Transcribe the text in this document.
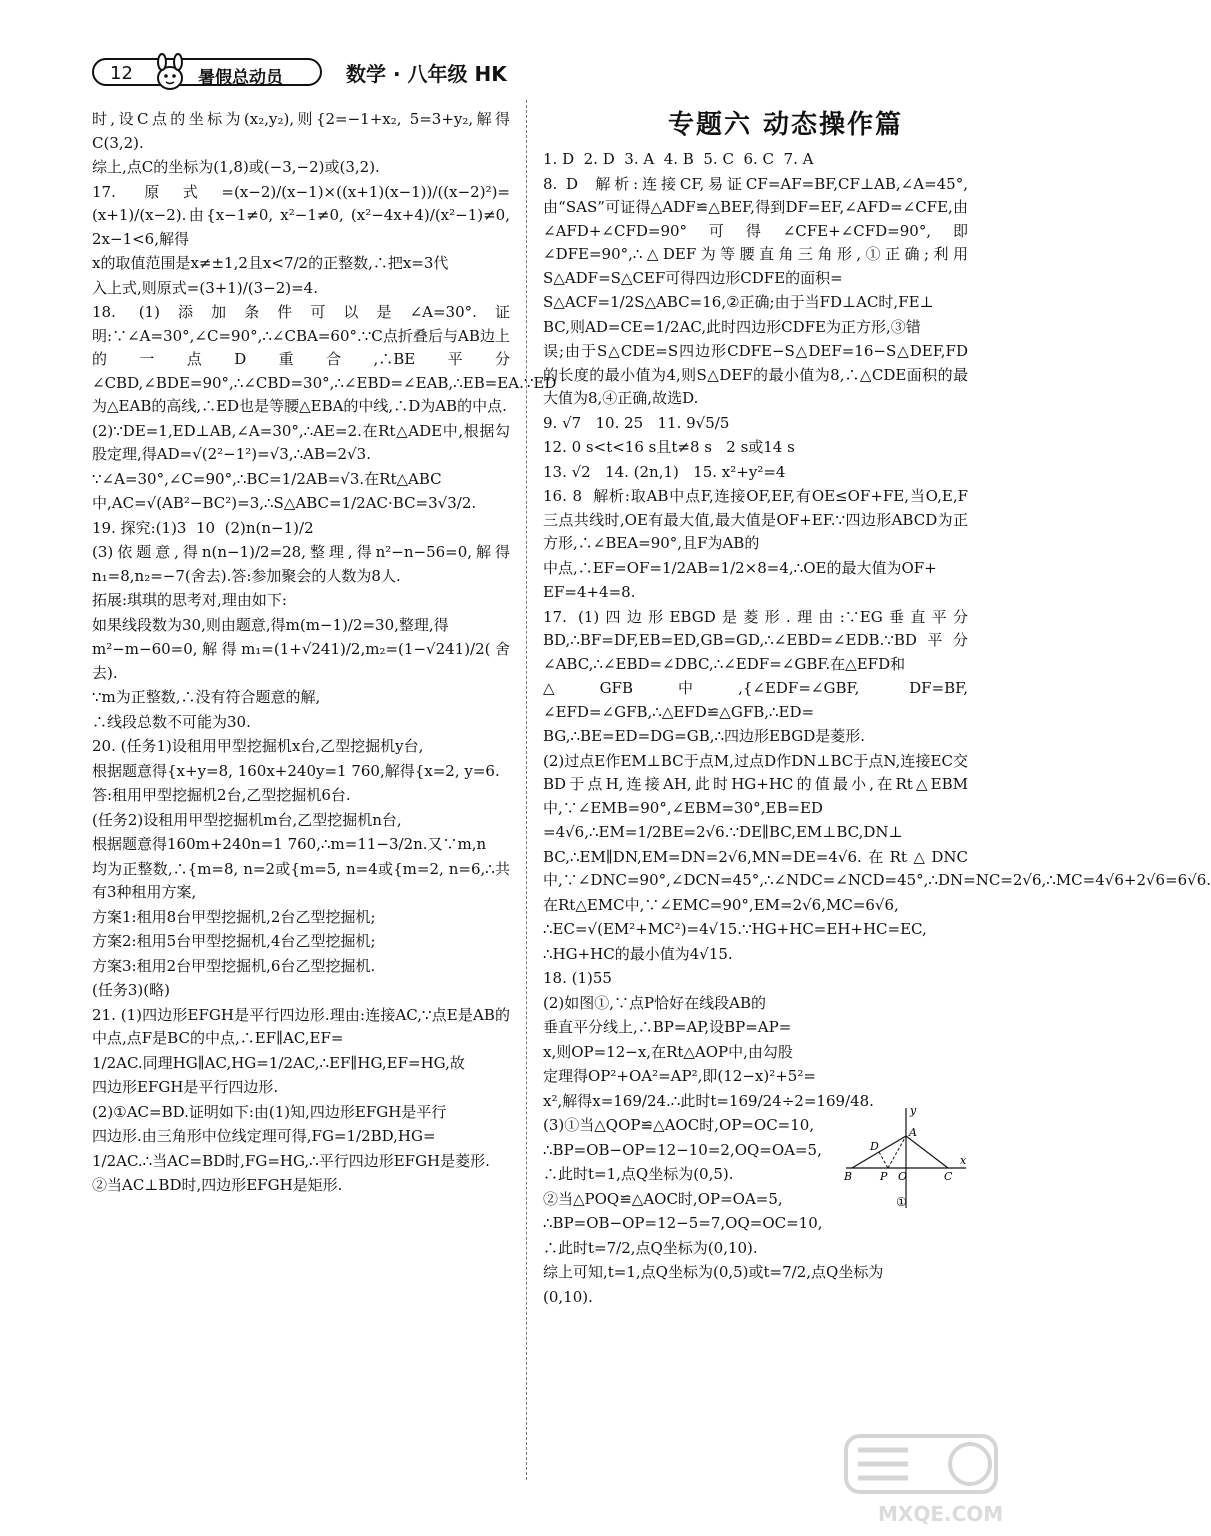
12	暑假总动员	数学 · 八年级 HK

时,设C点的坐标为(x₂,y₂),则{2=−1+x₂, 5=3+y₂,解得C(3,2).

综上,点C的坐标为(1,8)或(−3,−2)或(3,2).

17. 原式=(x−2)/(x−1)×((x+1)(x−1))/((x−2)²)=(x+1)/(x−2).由{x−1≠0, x²−1≠0, (x²−4x+4)/(x²−1)≠0, 2x−1<6,解得

x的取值范围是x≠±1,2且x<7/2的正整数,∴把x=3代

入上式,则原式=(3+1)/(3−2)=4.

18. (1)添加条件可以是∠A=30°.证明:∵∠A=30°,∠C=90°,∴∠CBA=60°.∵C点折叠后与AB边上的一点D重合,∴BE平分∠CBD,∠BDE=90°,∴∠CBD=30°,∴∠EBD=∠EAB,∴EB=EA.∵ED为△EAB的高线,∴ED也是等腰△EBA的中线,∴D为AB的中点.

(2)∵DE=1,ED⊥AB,∠A=30°,∴AE=2.在Rt△ADE中,根据勾股定理,得AD=√(2²−1²)=√3,∴AB=2√3.

∵∠A=30°,∠C=90°,∴BC=1/2AB=√3.在Rt△ABC

中,AC=√(AB²−BC²)=3,∴S△ABC=1/2AC·BC=3√3/2.

19. 探究:(1)3  10  (2)n(n−1)/2

(3)依题意,得n(n−1)/2=28,整理,得n²−n−56=0,解得n₁=8,n₂=−7(舍去).答:参加聚会的人数为8人.

拓展:琪琪的思考对,理由如下:

如果线段数为30,则由题意,得m(m−1)/2=30,整理,得

m²−m−60=0,解得m₁=(1+√241)/2,m₂=(1−√241)/2(舍去).

∵m为正整数,∴没有符合题意的解,

∴线段总数不可能为30.

20. (任务1)设租用甲型挖掘机x台,乙型挖掘机y台,

根据题意得{x+y=8, 160x+240y=1 760,解得{x=2, y=6.

答:租用甲型挖掘机2台,乙型挖掘机6台.

(任务2)设租用甲型挖掘机m台,乙型挖掘机n台,

根据题意得160m+240n=1 760,∴m=11−3/2n.又∵m,n

均为正整数,∴{m=8, n=2或{m=5, n=4或{m=2, n=6,∴共有3种租用方案,

方案1:租用8台甲型挖掘机,2台乙型挖掘机;

方案2:租用5台甲型挖掘机,4台乙型挖掘机;

方案3:租用2台甲型挖掘机,6台乙型挖掘机.

(任务3)(略)

21. (1)四边形EFGH是平行四边形.理由:连接AC,∵点E是AB的中点,点F是BC的中点,∴EF∥AC,EF=

1/2AC.同理HG∥AC,HG=1/2AC,∴EF∥HG,EF=HG,故

四边形EFGH是平行四边形.

(2)①AC=BD.证明如下:由(1)知,四边形EFGH是平行

四边形.由三角形中位线定理可得,FG=1/2BD,HG=

1/2AC.∴当AC=BD时,FG=HG,∴平行四边形EFGH是菱形.

②当AC⊥BD时,四边形EFGH是矩形.

专题六 动态操作篇

1. D  2. D  3. A  4. B  5. C  6. C  7. A

8. D  解析:连接CF,易证CF=AF=BF,CF⊥AB,∠A=45°,由“SAS”可证得△ADF≌△BEF,得到DF=EF,∠AFD=∠CFE,由∠AFD+∠CFD=90°可得∠CFE+∠CFD=90°,即∠DFE=90°,∴△DEF为等腰直角三角形,①正确;利用S△ADF=S△CEF可得四边形CDFE的面积=

S△ACF=1/2S△ABC=16,②正确;由于当FD⊥AC时,FE⊥

BC,则AD=CE=1/2AC,此时四边形CDFE为正方形,③错

误;由于S△CDE=S四边形CDFE−S△DEF=16−S△DEF,FD的长度的最小值为4,则S△DEF的最小值为8,∴△CDE面积的最大值为8,④正确,故选D.

9. √7   10. 25   11. 9√5/5

12. 0 s<t<16 s且t≠8 s   2 s或14 s

13. √2   14. (2n,1)   15. x²+y²=4

16. 8  解析:取AB中点F,连接OF,EF,有OE≤OF+FE,当O,E,F三点共线时,OE有最大值,最大值是OF+EF.∵四边形ABCD为正方形,∴∠BEA=90°,且F为AB的

中点,∴EF=OF=1/2AB=1/2×8=4,∴OE的最大值为OF+

EF=4+4=8.

17. (1)四边形EBGD是菱形.理由:∵EG垂直平分BD,∴BF=DF,EB=ED,GB=GD,∴∠EBD=∠EDB.∵BD平分∠ABC,∴∠EBD=∠DBC,∴∠EDF=∠GBF.在△EFD和

△GFB中,{∠EDF=∠GBF, DF=BF, ∠EFD=∠GFB,∴△EFD≌△GFB,∴ED=

BG,∴BE=ED=DG=GB,∴四边形EBGD是菱形.

(2)过点E作EM⊥BC于点M,过点D作DN⊥BC于点N,连接EC交BD于点H,连接AH,此时HG+HC的值最小,在Rt△EBM中,∵∠EMB=90°,∠EBM=30°,EB=ED

=4√6,∴EM=1/2BE=2√6.∵DE∥BC,EM⊥BC,DN⊥

BC,∴EM∥DN,EM=DN=2√6,MN=DE=4√6.在Rt△DNC中,∵∠DNC=90°,∠DCN=45°,∴∠NDC=∠NCD=45°,∴DN=NC=2√6,∴MC=4√6+2√6=6√6.

在Rt△EMC中,∵∠EMC=90°,EM=2√6,MC=6√6,

∴EC=√(EM²+MC²)=4√15.∵HG+HC=EH+HC=EC,

∴HG+HC的最小值为4√15.

18. (1)55

(2)如图①,∵点P恰好在线段AB的

垂直平分线上,∴BP=AP,设BP=AP=

x,则OP=12−x,在Rt△AOP中,由勾股

定理得OP²+OA²=AP²,即(12−x)²+5²=

x²,解得x=169/24.∴此时t=169/24÷2=169/48.

(3)①当△QOP≌△AOC时,OP=OC=10,

∴BP=OB−OP=12−10=2,OQ=OA=5,

∴此时t=1,点Q坐标为(0,5).

②当△POQ≌△AOC时,OP=OA=5,

∴BP=OB−OP=12−5=7,OQ=OC=10,

∴此时t=7/2,点Q坐标为(0,10).

综上可知,t=1,点Q坐标为(0,5)或t=7/2,点Q坐标为

(0,10).

y
A
D
B	P O	C
x
①
MXQE.COM
